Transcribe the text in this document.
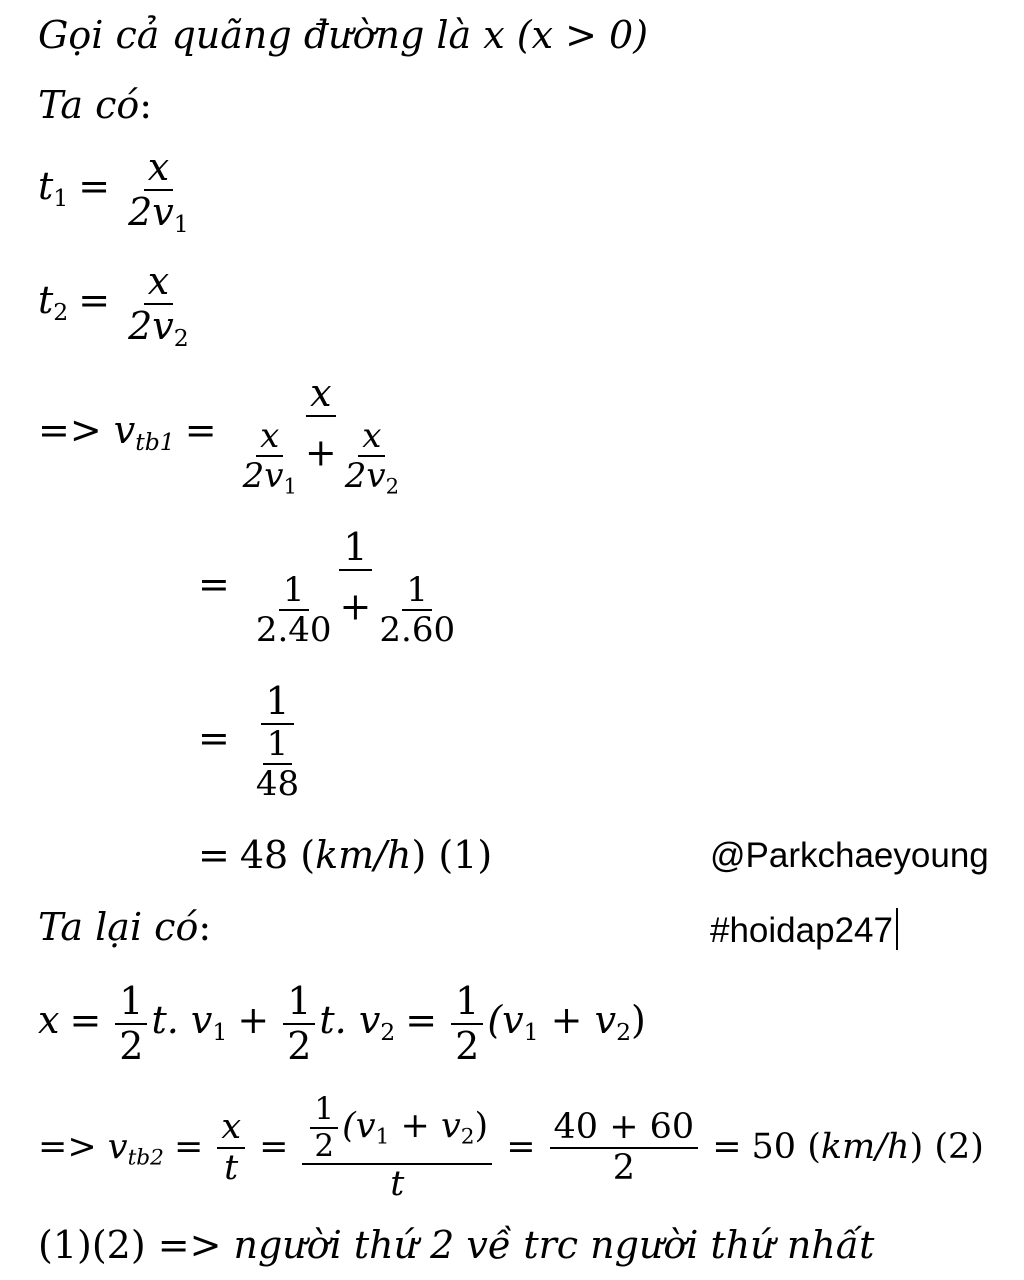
Gọi cả quãng đường là x (x > 0)
Ta có:
$t_1 = \frac{x}{2v_1}$
$t_2 = \frac{x}{2v_2}$
=> $v_{tb1} = \frac{x}{\frac{x}{2v_1} + \frac{x}{2v_2}}$
= $\frac{1}{\frac{1}{2.40} + \frac{1}{2.60}}$
= $\frac{1}{\frac{1}{48}}$
= 48 (km/h) (1)	@Parkchaeyoung
Ta lại có:	#hoidap247
$x = \frac{1}{2} t$. $v_1 + \frac{1}{2} t$. $v_2 = \frac{1}{2} (v_1 + v_2)$
=> $v_{tb2} = \frac{x}{t} = \frac{\frac{1}{2} (v_1 + v_2)}{t} = \frac{40 + 60}{2} = 50$ (km/h) (2)
(1)(2) => người thứ 2 về trc người thứ nhất
